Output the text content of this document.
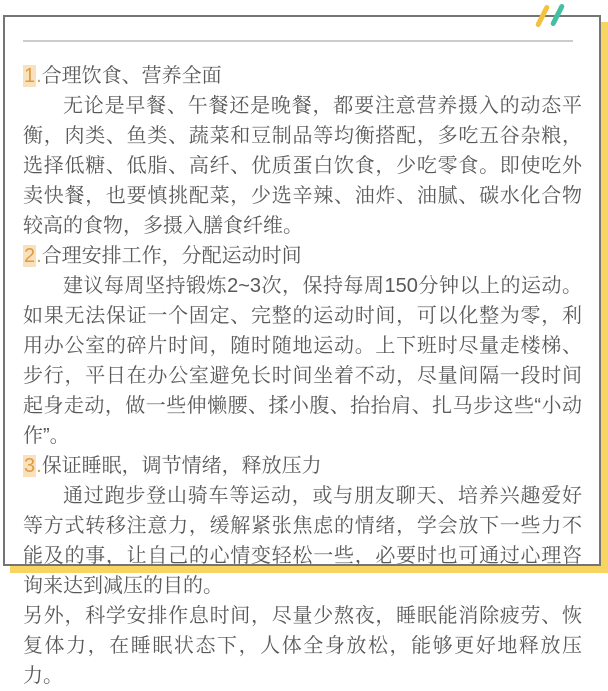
1.合理饮食、营养全面

无论是早餐、午餐还是晚餐，都要注意营养摄入的动态平衡，肉类、鱼类、蔬菜和豆制品等均衡搭配，多吃五谷杂粮，选择低糖、低脂、高纤、优质蛋白饮食，少吃零食。即使吃外卖快餐，也要慎挑配菜，少选辛辣、油炸、油腻、碳水化合物较高的食物，多摄入膳食纤维。

2.合理安排工作，分配运动时间

建议每周坚持锻炼2~3次，保持每周150分钟以上的运动。如果无法保证一个固定、完整的运动时间，可以化整为零，利用办公室的碎片时间，随时随地运动。上下班时尽量走楼梯、步行，平日在办公室避免长时间坐着不动，尽量间隔一段时间起身走动，做一些伸懒腰、揉小腹、抬抬肩、扎马步这些“小动作”。

3.保证睡眠，调节情绪，释放压力

通过跑步登山骑车等运动，或与朋友聊天、培养兴趣爱好等方式转移注意力，缓解紧张焦虑的情绪，学会放下一些力不能及的事，让自己的心情变轻松一些，必要时也可通过心理咨询来达到减压的目的。

另外，科学安排作息时间，尽量少熬夜，睡眠能消除疲劳、恢复体力，在睡眠状态下，人体全身放松，能够更好地释放压力。
